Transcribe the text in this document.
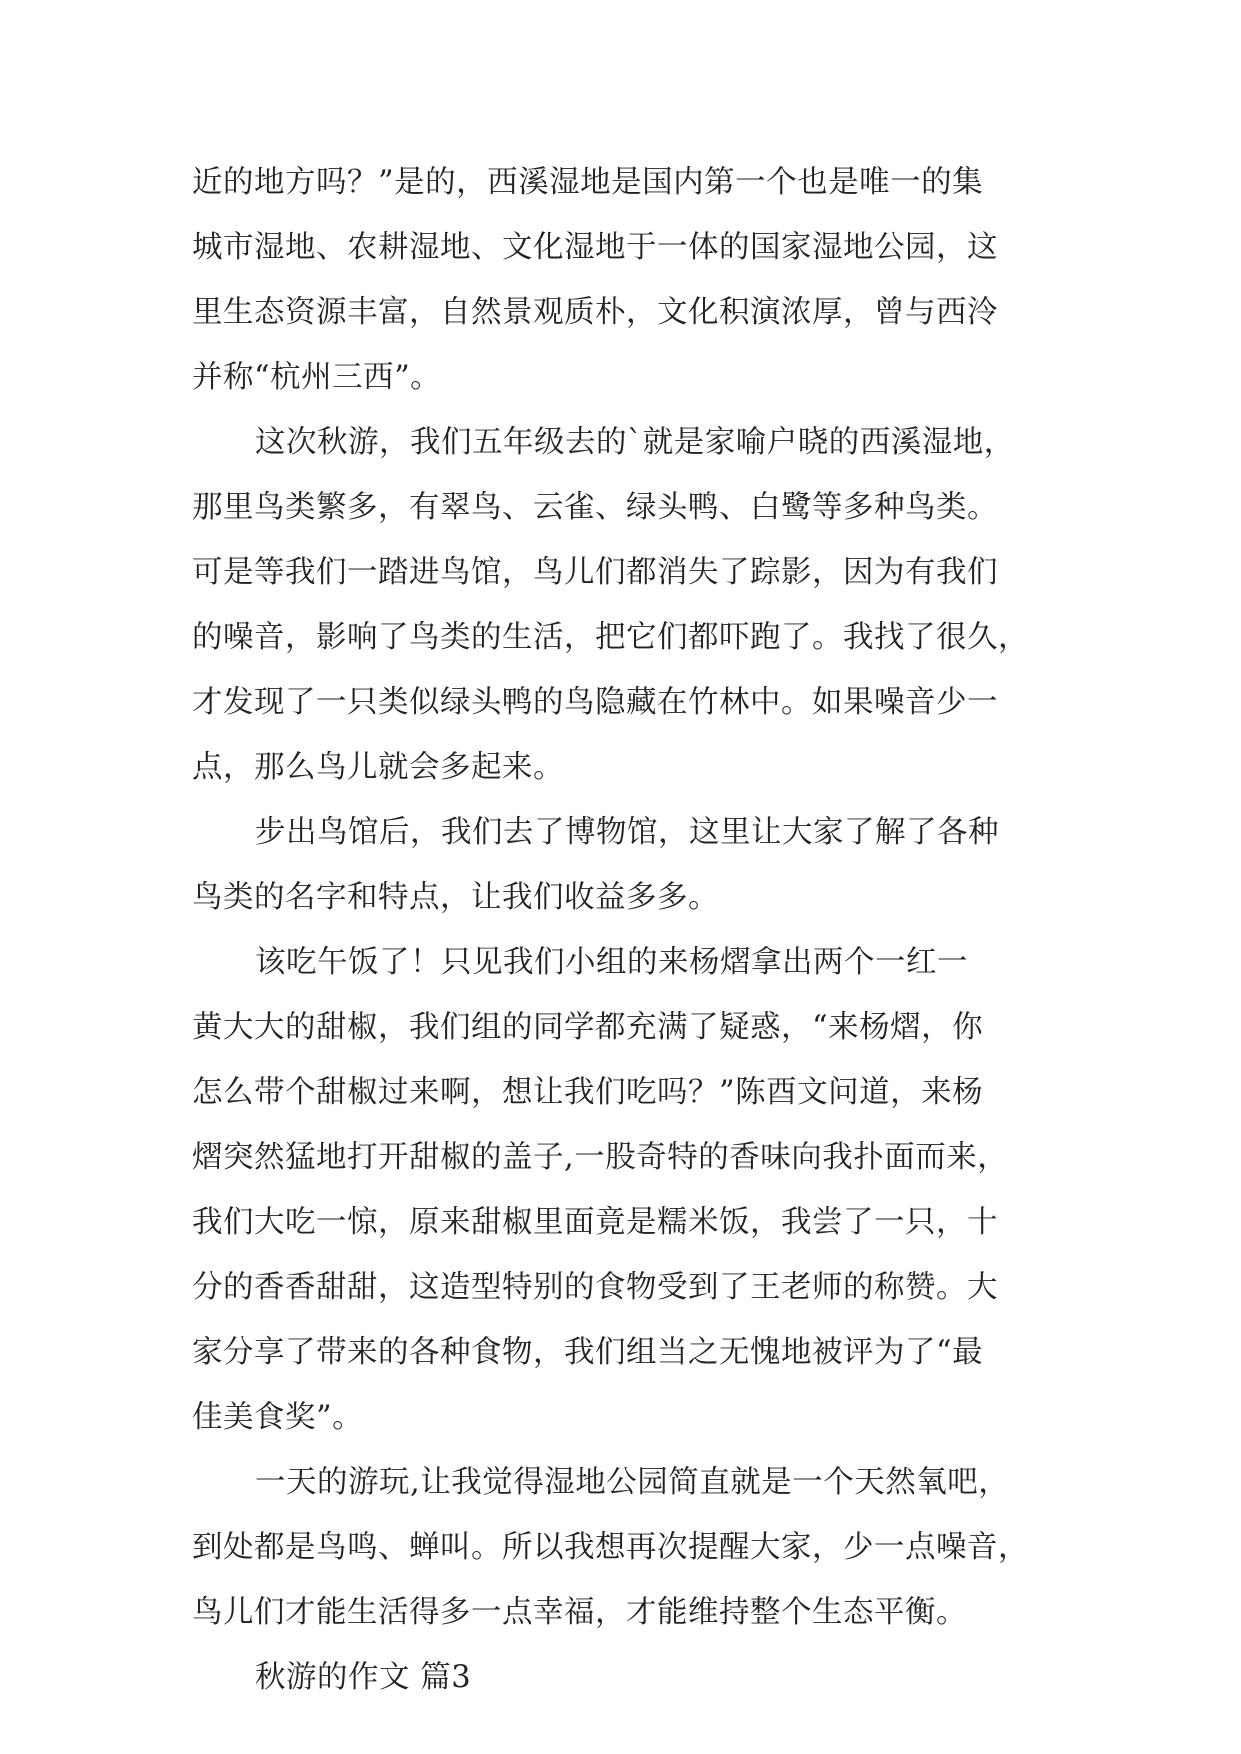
近的地方吗？”是的，西溪湿地是国内第一个也是唯一的集
城市湿地、农耕湿地、文化湿地于一体的国家湿地公园，这
里生态资源丰富，自然景观质朴，文化积演浓厚，曾与西泠
并称“杭州三西”。
这次秋游，我们五年级去的`就是家喻户晓的西溪湿地，
那里鸟类繁多，有翠鸟、云雀、绿头鸭、白鹭等多种鸟类。
可是等我们一踏进鸟馆，鸟儿们都消失了踪影，因为有我们
的噪音，影响了鸟类的生活，把它们都吓跑了。我找了很久，
才发现了一只类似绿头鸭的鸟隐藏在竹林中。如果噪音少一
点，那么鸟儿就会多起来。
步出鸟馆后，我们去了博物馆，这里让大家了解了各种
鸟类的名字和特点，让我们收益多多。
该吃午饭了！只见我们小组的来杨熠拿出两个一红一
黄大大的甜椒，我们组的同学都充满了疑惑，“来杨熠，你
怎么带个甜椒过来啊，想让我们吃吗？”陈酉文问道，来杨
熠突然猛地打开甜椒的盖子,一股奇特的香味向我扑面而来，
我们大吃一惊，原来甜椒里面竟是糯米饭，我尝了一只，十
分的香香甜甜，这造型特别的食物受到了王老师的称赞。大
家分享了带来的各种食物，我们组当之无愧地被评为了“最
佳美食奖”。
一天的游玩,让我觉得湿地公园简直就是一个天然氧吧，
到处都是鸟鸣、蝉叫。所以我想再次提醒大家，少一点噪音，
鸟儿们才能生活得多一点幸福，才能维持整个生态平衡。
秋游的作文 篇3
